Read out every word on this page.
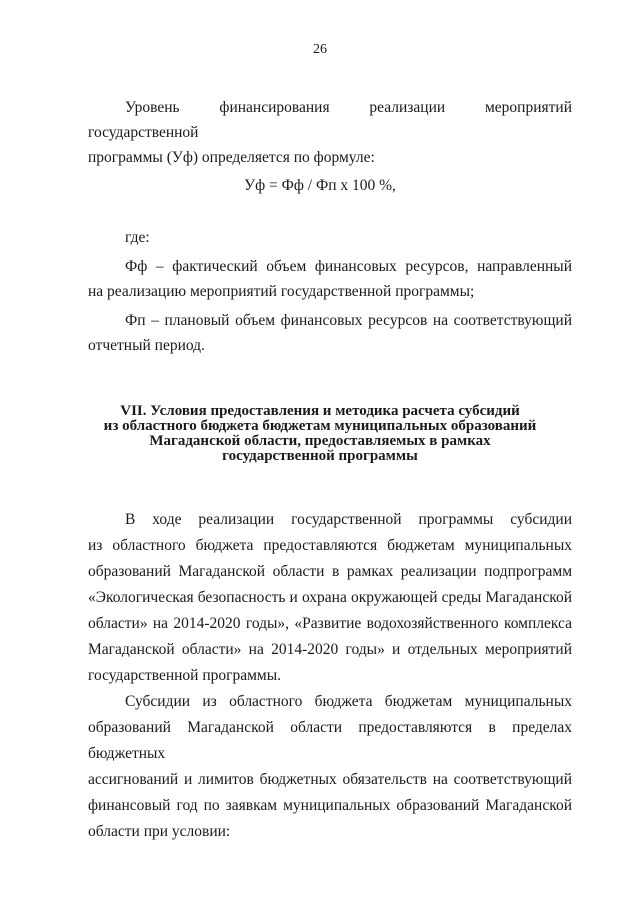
26

Уровень финансирования реализации мероприятий государственной

программы (Уф) определяется по формуле:

Уф = Фф / Фп х 100 %,

где:

Фф – фактический объем финансовых ресурсов, направленный

на реализацию мероприятий государственной программы;

Фп – плановый объем финансовых ресурсов на соответствующий

отчетный период.

VII. Условия предоставления и методика расчета субсидий
из областного бюджета бюджетам муниципальных образований
Магаданской области, предоставляемых в рамках
государственной программы

В ходе реализации государственной программы субсидии

из областного бюджета предоставляются бюджетам муниципальных

образований Магаданской области в рамках реализации подпрограмм

«Экологическая безопасность и охрана окружающей среды Магаданской

области» на 2014-2020 годы», «Развитие водохозяйственного комплекса

Магаданской области» на 2014-2020 годы» и отдельных мероприятий

государственной программы.

Субсидии из областного бюджета бюджетам муниципальных

образований Магаданской области предоставляются в пределах бюджетных

ассигнований и лимитов бюджетных обязательств на соответствующий

финансовый год по заявкам муниципальных образований Магаданской

области при условии:
